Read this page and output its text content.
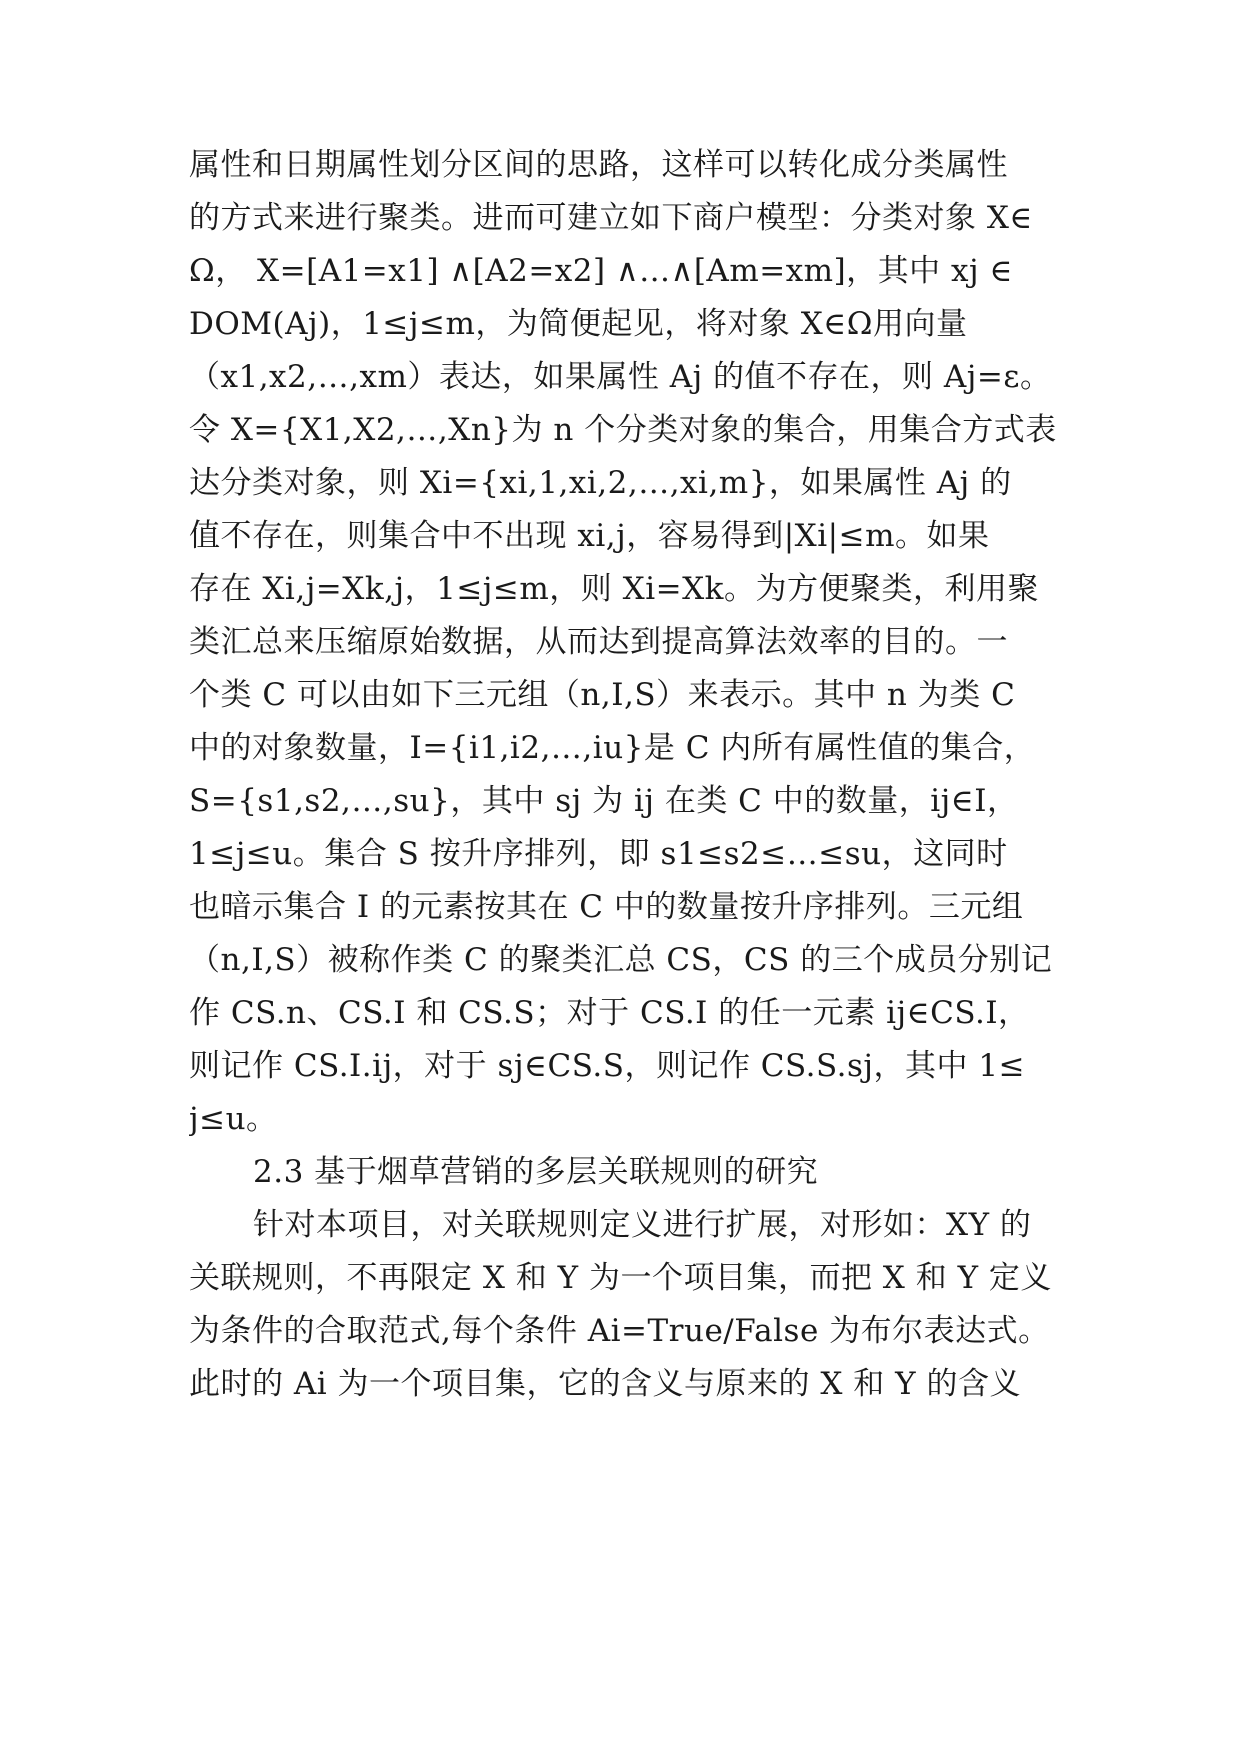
属性和日期属性划分区间的思路，这样可以转化成分类属性
的方式来进行聚类。进而可建立如下商户模型：分类对象 X∈
Ω， X=[A1=x1] ∧[A2=x2] ∧…∧[Am=xm]，其中 xj ∈
DOM(Aj)，1≤j≤m，为简便起见，将对象 X∈Ω用向量
（x1,x2,…,xm）表达，如果属性 Aj 的值不存在，则 Aj=ε。
令 X={X1,X2,…,Xn}为 n 个分类对象的集合，用集合方式表
达分类对象，则 Xi={xi,1,xi,2,…,xi,m}，如果属性 Aj 的
值不存在，则集合中不出现 xi,j，容易得到|Xi|≤m。如果
存在 Xi,j=Xk,j，1≤j≤m，则 Xi=Xk。为方便聚类，利用聚
类汇总来压缩原始数据，从而达到提高算法效率的目的。一
个类 C 可以由如下三元组（n,I,S）来表示。其中 n 为类 C
中的对象数量，I={i1,i2,…,iu}是 C 内所有属性值的集合，
S={s1,s2,…,su}，其中 sj 为 ij 在类 C 中的数量，ij∈I，
1≤j≤u。集合 S 按升序排列，即 s1≤s2≤…≤su，这同时
也暗示集合 I 的元素按其在 C 中的数量按升序排列。三元组
（n,I,S）被称作类 C 的聚类汇总 CS，CS 的三个成员分别记
作 CS.n、CS.I 和 CS.S；对于 CS.I 的任一元素 ij∈CS.I，
则记作 CS.I.ij，对于 sj∈CS.S，则记作 CS.S.sj，其中 1≤
j≤u。
2.3 基于烟草营销的多层关联规则的研究
针对本项目，对关联规则定义进行扩展，对形如：XY 的
关联规则，不再限定 X 和 Y 为一个项目集，而把 X 和 Y 定义
为条件的合取范式,每个条件 Ai=True/False 为布尔表达式。
此时的 Ai 为一个项目集，它的含义与原来的 X 和 Y 的含义
